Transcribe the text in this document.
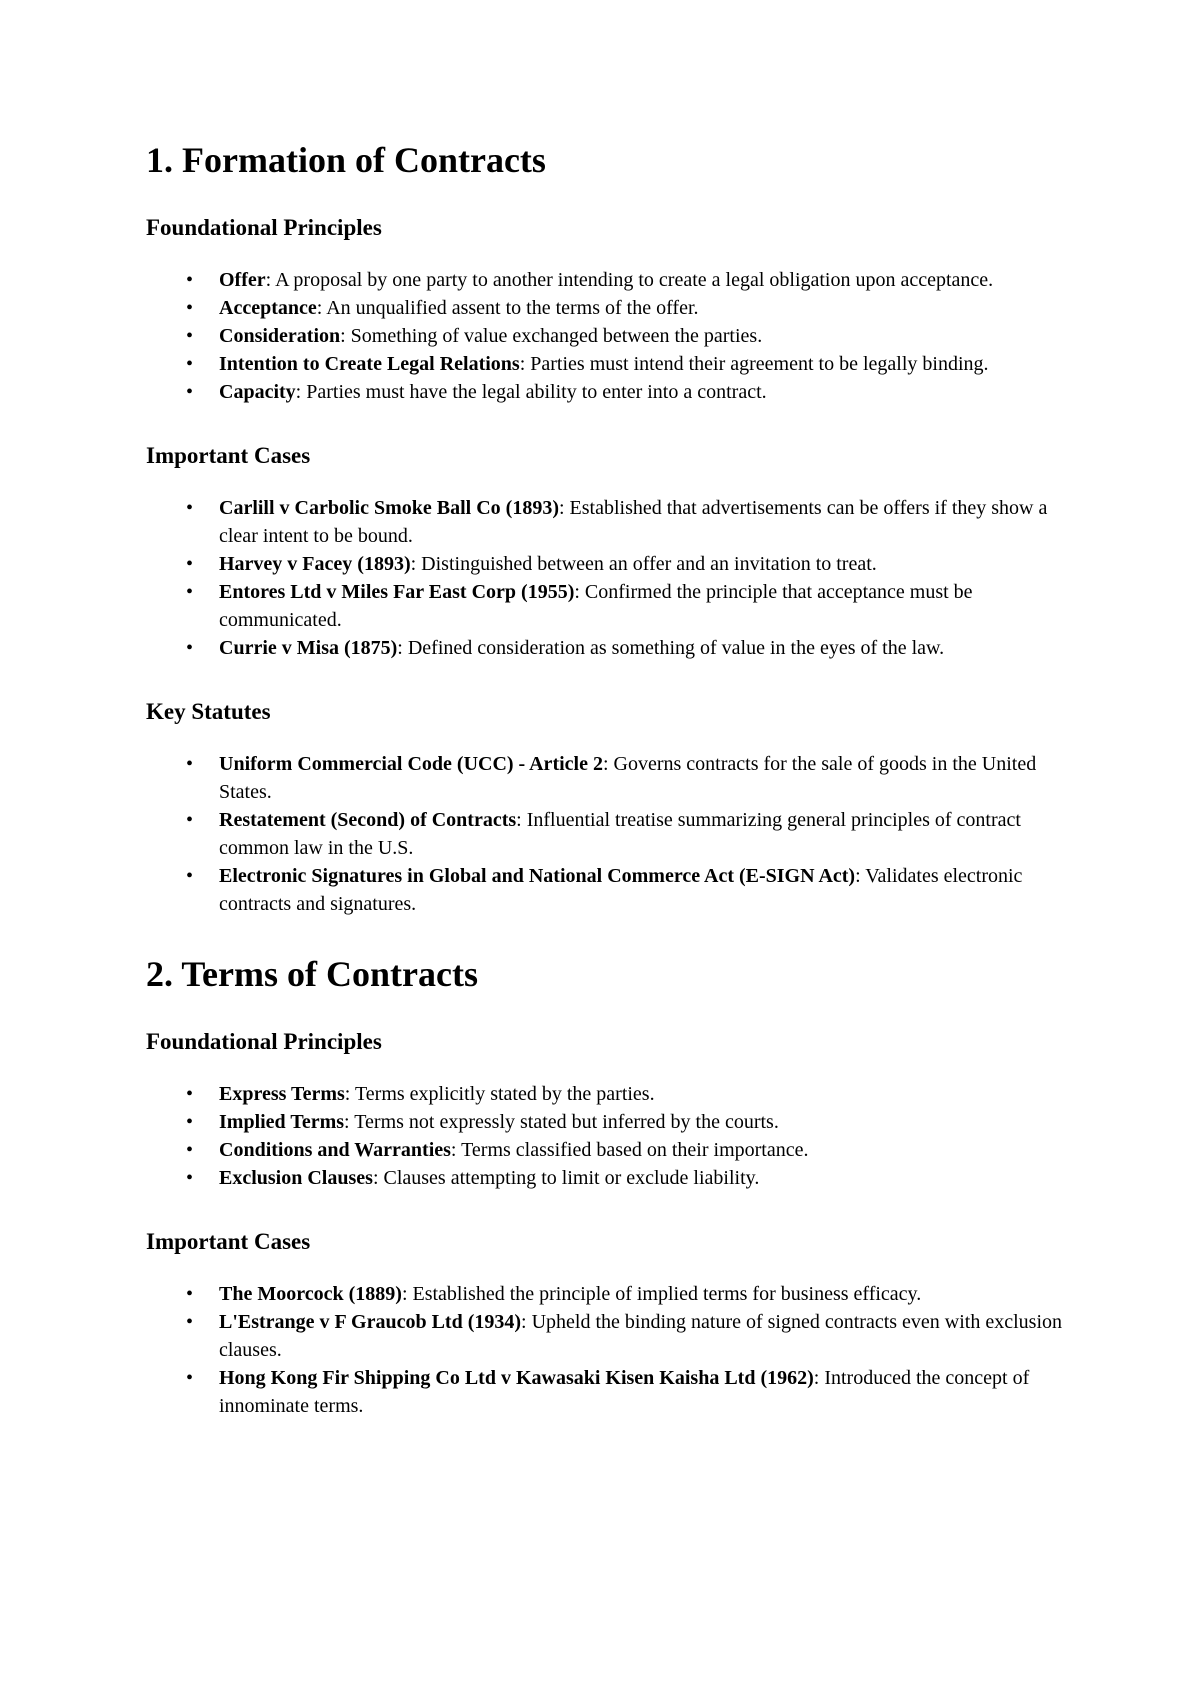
1. Formation of Contracts
Foundational Principles
• Offer: A proposal by one party to another intending to create a legal obligation upon acceptance.
• Acceptance: An unqualified assent to the terms of the offer.
• Consideration: Something of value exchanged between the parties.
• Intention to Create Legal Relations: Parties must intend their agreement to be legally binding.
• Capacity: Parties must have the legal ability to enter into a contract.
Important Cases
• Carlill v Carbolic Smoke Ball Co (1893): Established that advertisements can be offers if they show a clear intent to be bound.
• Harvey v Facey (1893): Distinguished between an offer and an invitation to treat.
• Entores Ltd v Miles Far East Corp (1955): Confirmed the principle that acceptance must be communicated.
• Currie v Misa (1875): Defined consideration as something of value in the eyes of the law.
Key Statutes
• Uniform Commercial Code (UCC) - Article 2: Governs contracts for the sale of goods in the United States.
• Restatement (Second) of Contracts: Influential treatise summarizing general principles of contract common law in the U.S.
• Electronic Signatures in Global and National Commerce Act (E-SIGN Act): Validates electronic contracts and signatures.
2. Terms of Contracts
Foundational Principles
• Express Terms: Terms explicitly stated by the parties.
• Implied Terms: Terms not expressly stated but inferred by the courts.
• Conditions and Warranties: Terms classified based on their importance.
• Exclusion Clauses: Clauses attempting to limit or exclude liability.
Important Cases
• The Moorcock (1889): Established the principle of implied terms for business efficacy.
• L'Estrange v F Graucob Ltd (1934): Upheld the binding nature of signed contracts even with exclusion clauses.
• Hong Kong Fir Shipping Co Ltd v Kawasaki Kisen Kaisha Ltd (1962): Introduced the concept of innominate terms.
